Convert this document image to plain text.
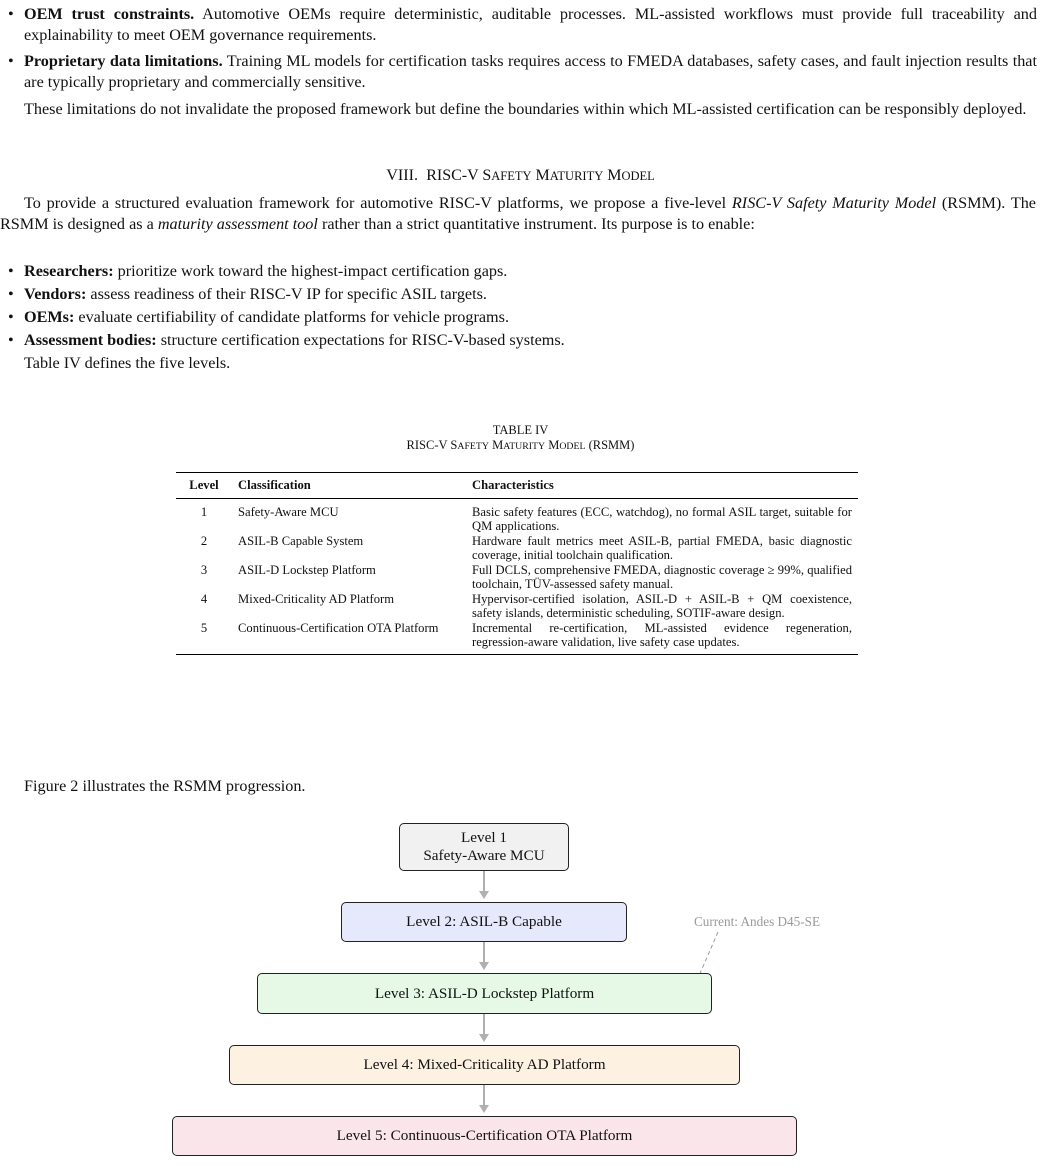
• OEM trust constraints. Automotive OEMs require deterministic, auditable processes. ML-assisted workflows must provide full traceability and explainability to meet OEM governance requirements.
• Proprietary data limitations. Training ML models for certification tasks requires access to FMEDA databases, safety cases, and fault injection results that are typically proprietary and commercially sensitive.
These limitations do not invalidate the proposed framework but define the boundaries within which ML-assisted certification can be responsibly deployed.
VIII. RISC-V SAFETY MATURITY MODEL
To provide a structured evaluation framework for automotive RISC-V platforms, we propose a five-level RISC-V Safety Maturity Model (RSMM). The RSMM is designed as a maturity assessment tool rather than a strict quantitative instrument. Its purpose is to enable:
• Researchers: prioritize work toward the highest-impact certification gaps.
• Vendors: assess readiness of their RISC-V IP for specific ASIL targets.
• OEMs: evaluate certifiability of candidate platforms for vehicle programs.
• Assessment bodies: structure certification expectations for RISC-V-based systems.
Table IV defines the five levels.
TABLE IV
RISC-V SAFETY MATURITY MODEL (RSMM)
Level	Classification	Characteristics
1	Safety-Aware MCU	Basic safety features (ECC, watchdog), no formal ASIL target, suitable for QM applications.
2	ASIL-B Capable System	Hardware fault metrics meet ASIL-B, partial FMEDA, basic diagnostic coverage, initial toolchain qualification.
3	ASIL-D Lockstep Platform	Full DCLS, comprehensive FMEDA, diagnostic coverage ≥ 99%, qualified toolchain, TÜV-assessed safety manual.
4	Mixed-Criticality AD Platform	Hypervisor-certified isolation, ASIL-D + ASIL-B + QM coexistence, safety islands, deterministic scheduling, SOTIF-aware design.
5	Continuous-Certification OTA Platform	Incremental re-certification, ML-assisted evidence regeneration, regression-aware validation, live safety case updates.
Figure 2 illustrates the RSMM progression.
Level 1
Safety-Aware MCU
Level 2: ASIL-B Capable	Current: Andes D45-SE
Level 3: ASIL-D Lockstep Platform
Level 4: Mixed-Criticality AD Platform
Level 5: Continuous-Certification OTA Platform
